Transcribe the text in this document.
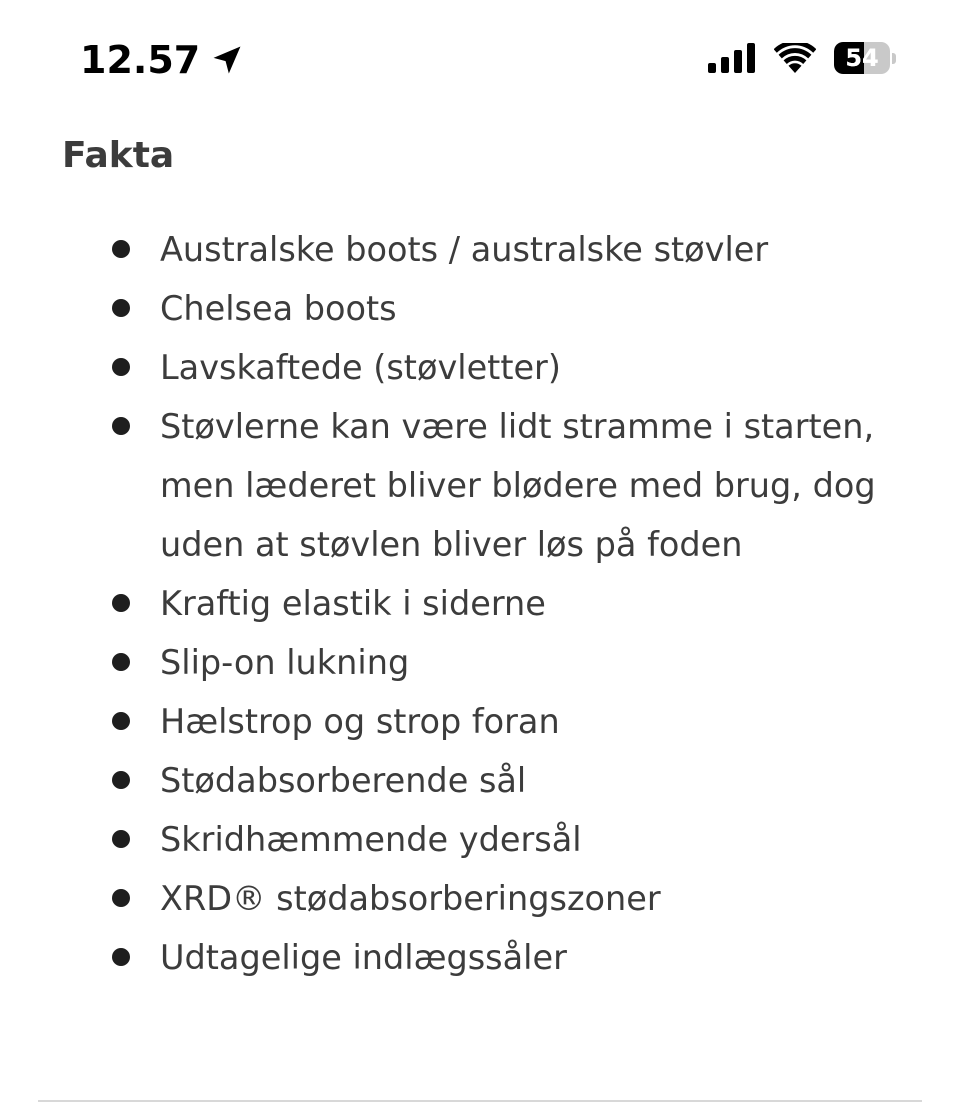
12.57	54
Fakta
Australske boots / australske støvler
Chelsea boots
Lavskaftede (støvletter)
Støvlerne kan være lidt stramme i starten, men læderet bliver blødere med brug, dog uden at støvlen bliver løs på foden
Kraftig elastik i siderne
Slip-on lukning
Hælstrop og strop foran
Stødabsorberende sål
Skridhæmmende ydersål
XRD® stødabsorberingszoner
Udtagelige indlægssåler
